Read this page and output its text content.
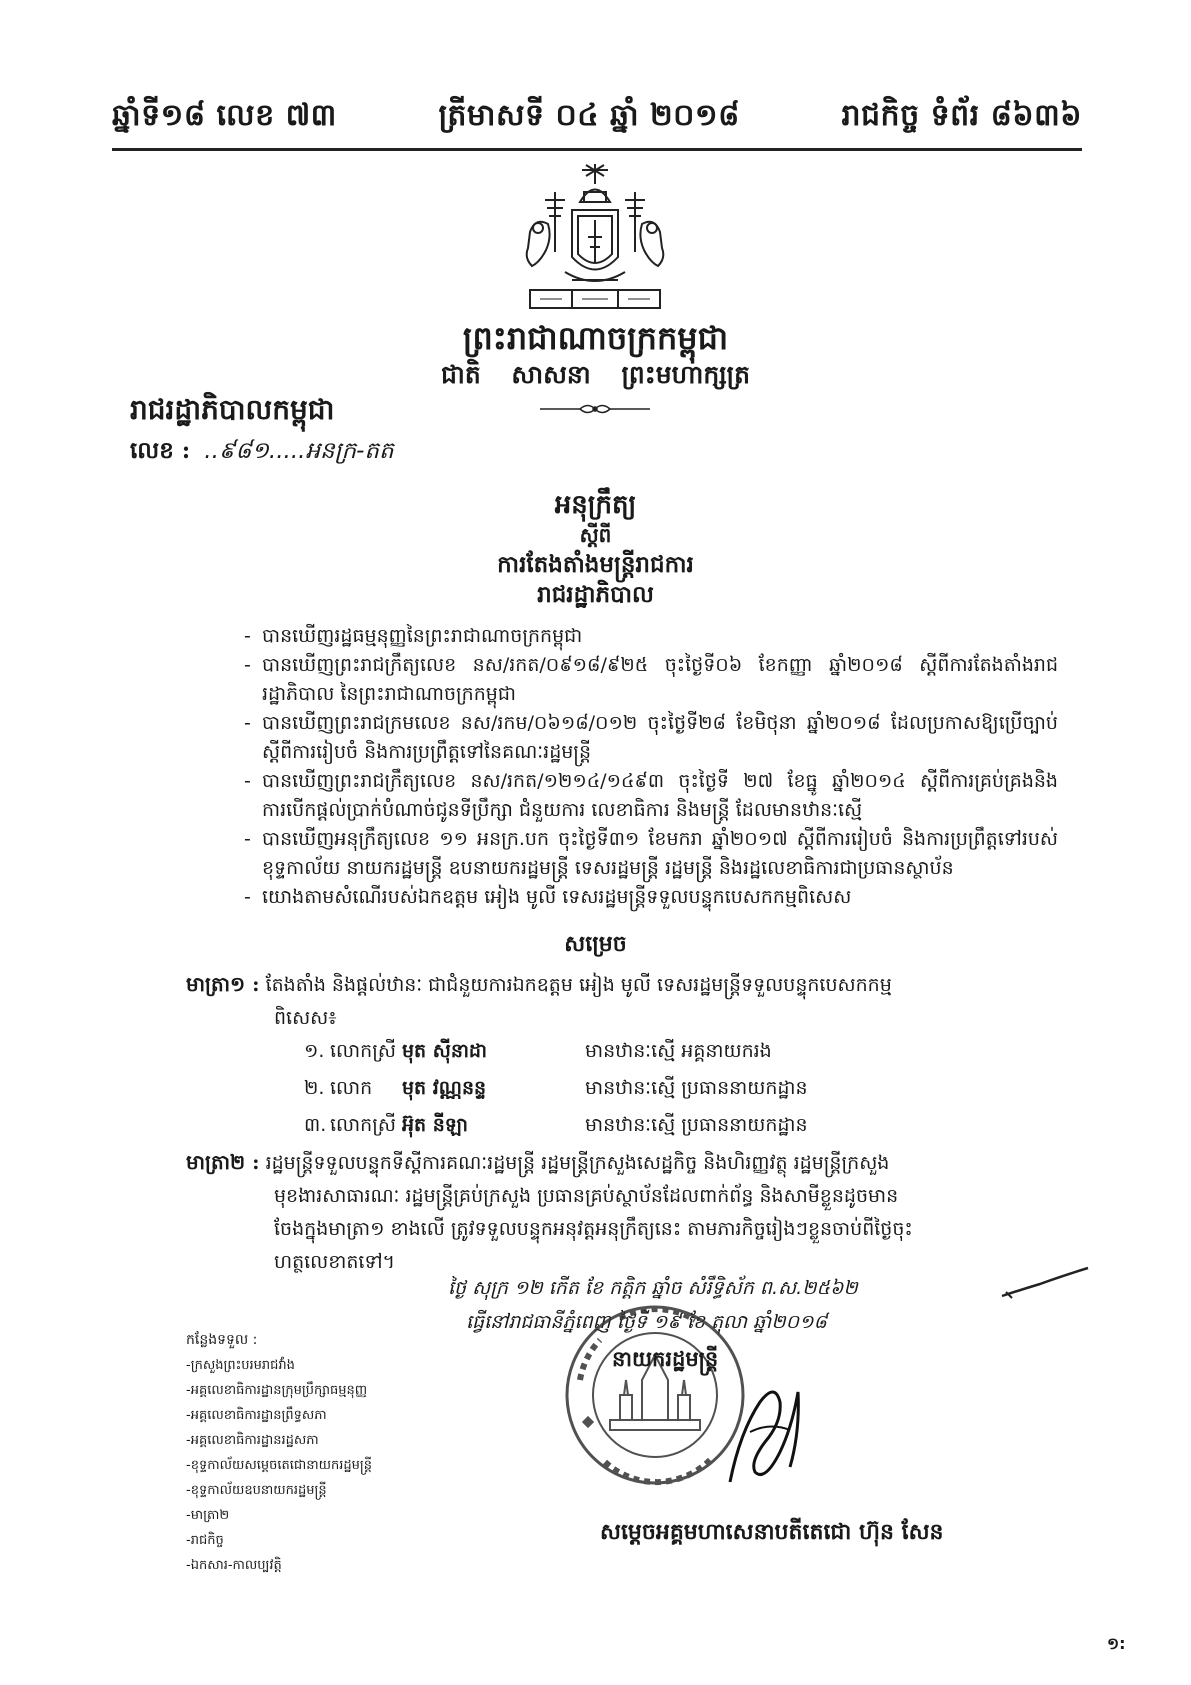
ឆ្នាំទី១៨ លេខ ៧៣	ត្រីមាសទី ០៤ ឆ្នាំ ២០១៨	រាជកិច្ច ទំព័រ ៨៦៣៦
ព្រះរាជាណាចក្រកម្ពុជា
ជាតិ សាសនា ព្រះមហាក្សត្រ
រាជរដ្ឋាភិបាលកម្ពុជា
លេខ : ..៩៨១.....អនក្រ-តត
អនុក្រឹត្យ
ស្តីពី
ការតែងតាំងមន្ត្រីរាជការ
រាជរដ្ឋាភិបាល
- បានឃើញរដ្ឋធម្មនុញ្ញនៃព្រះរាជាណាចក្រកម្ពុជា
- បានឃើញព្រះរាជក្រឹត្យលេខ នស/រកត/០៩១៨/៩២៥ ចុះថ្ងៃទី០៦ ខែកញ្ញា ឆ្នាំ២០១៨ ស្តីពីការតែងតាំងរាជរដ្ឋាភិបាល នៃព្រះរាជាណាចក្រកម្ពុជា
- បានឃើញព្រះរាជក្រមលេខ នស/រកម/០៦១៨/០១២ ចុះថ្ងៃទី២៨ ខែមិថុនា ឆ្នាំ២០១៨ ដែលប្រកាសឱ្យប្រើច្បាប់ស្តីពីការរៀបចំ និងការប្រព្រឹត្តទៅនៃគណៈរដ្ឋមន្ត្រី
- បានឃើញព្រះរាជក្រឹត្យលេខ នស/រកត/១២១៤/១៤៩៣ ចុះថ្ងៃទី ២៧ ខែធ្នូ ឆ្នាំ២០១៤ ស្តីពីការគ្រប់គ្រងនិងការបើកផ្តល់ប្រាក់បំណាច់ជូនទីប្រឹក្សា ជំនួយការ លេខាធិការ និងមន្ត្រី ដែលមានឋានៈស្មើ
- បានឃើញអនុក្រឹត្យលេខ ១១ អនក្រ.បក ចុះថ្ងៃទី៣១ ខែមករា ឆ្នាំ២០១៧ ស្តីពីការរៀបចំ និងការប្រព្រឹត្តទៅរបស់ខុទ្ទកាល័យ នាយករដ្ឋមន្ត្រី ឧបនាយករដ្ឋមន្ត្រី ទេសរដ្ឋមន្ត្រី រដ្ឋមន្ត្រី និងរដ្ឋលេខាធិការជាប្រធានស្ថាប័ន
- យោងតាមសំណើរបស់ឯកឧត្តម អៀង មូលី ទេសរដ្ឋមន្ត្រីទទួលបន្ទុកបេសកកម្មពិសេស
សម្រេច

មាត្រា១ : តែងតាំង និងផ្តល់ឋានៈ ជាជំនួយការឯកឧត្តម អៀង មូលី ទេសរដ្ឋមន្ត្រីទទួលបន្ទុកបេសកកម្ម

ពិសេស៖

១. លោកស្រី មុត ស៊ីនាដា	មានឋានៈស្មើ អគ្គនាយករង
២. លោក	មុត វណ្ណនន្ទ	មានឋានៈស្មើ ប្រធាននាយកដ្ឋាន
៣. លោកស្រី អ៊ុត នីឡា	មានឋានៈស្មើ ប្រធាននាយកដ្ឋាន

មាត្រា២ : រដ្ឋមន្ត្រីទទួលបន្ទុកទីស្តីការគណៈរដ្ឋមន្ត្រី រដ្ឋមន្ត្រីក្រសួងសេដ្ឋកិច្ច និងហិរញ្ញវត្ថុ រដ្ឋមន្ត្រីក្រសួង

មុខងារសាធារណៈ រដ្ឋមន្ត្រីគ្រប់ក្រសួង ប្រធានគ្រប់ស្ថាប័នដែលពាក់ព័ន្ធ និងសាមីខ្លួនដូចមាន

ចែងក្នុងមាត្រា១ ខាងលើ ត្រូវទទួលបន្ទុកអនុវត្តអនុក្រឹត្យនេះ តាមភារកិច្ចរៀងៗខ្លួនចាប់ពីថ្ងៃចុះ

ហត្ថលេខាតទៅ។

ថ្ងៃ សុក្រ ១២ កើត ខែ កត្តិក ឆ្នាំច សំរឹទ្ធិស័ក ព.ស.២៥៦២
ធ្វើនៅរាជធានីភ្នំពេញ ថ្ងៃទី ១៩ ខែ តុលា ឆ្នាំ២០១៨
នាយករដ្ឋមន្ត្រី
សម្តេចអគ្គមហាសេនាបតីតេជោ ហ៊ុន សែន
កន្លែងទទួល :
-ក្រសួងព្រះបរមរាជវាំង
-អគ្គលេខាធិការដ្ឋានក្រុមប្រឹក្សាធម្មនុញ្ញ
-អគ្គលេខាធិការដ្ឋានព្រឹទ្ធសភា
-អគ្គលេខាធិការដ្ឋានរដ្ឋសភា
-ខុទ្ទកាល័យសម្តេចតេជោនាយករដ្ឋមន្ត្រី
-ខុទ្ទកាល័យឧបនាយករដ្ឋមន្ត្រី
-មាត្រា២
-រាជកិច្ច
-ឯកសារ-កាលប្បវត្តិ
១:
